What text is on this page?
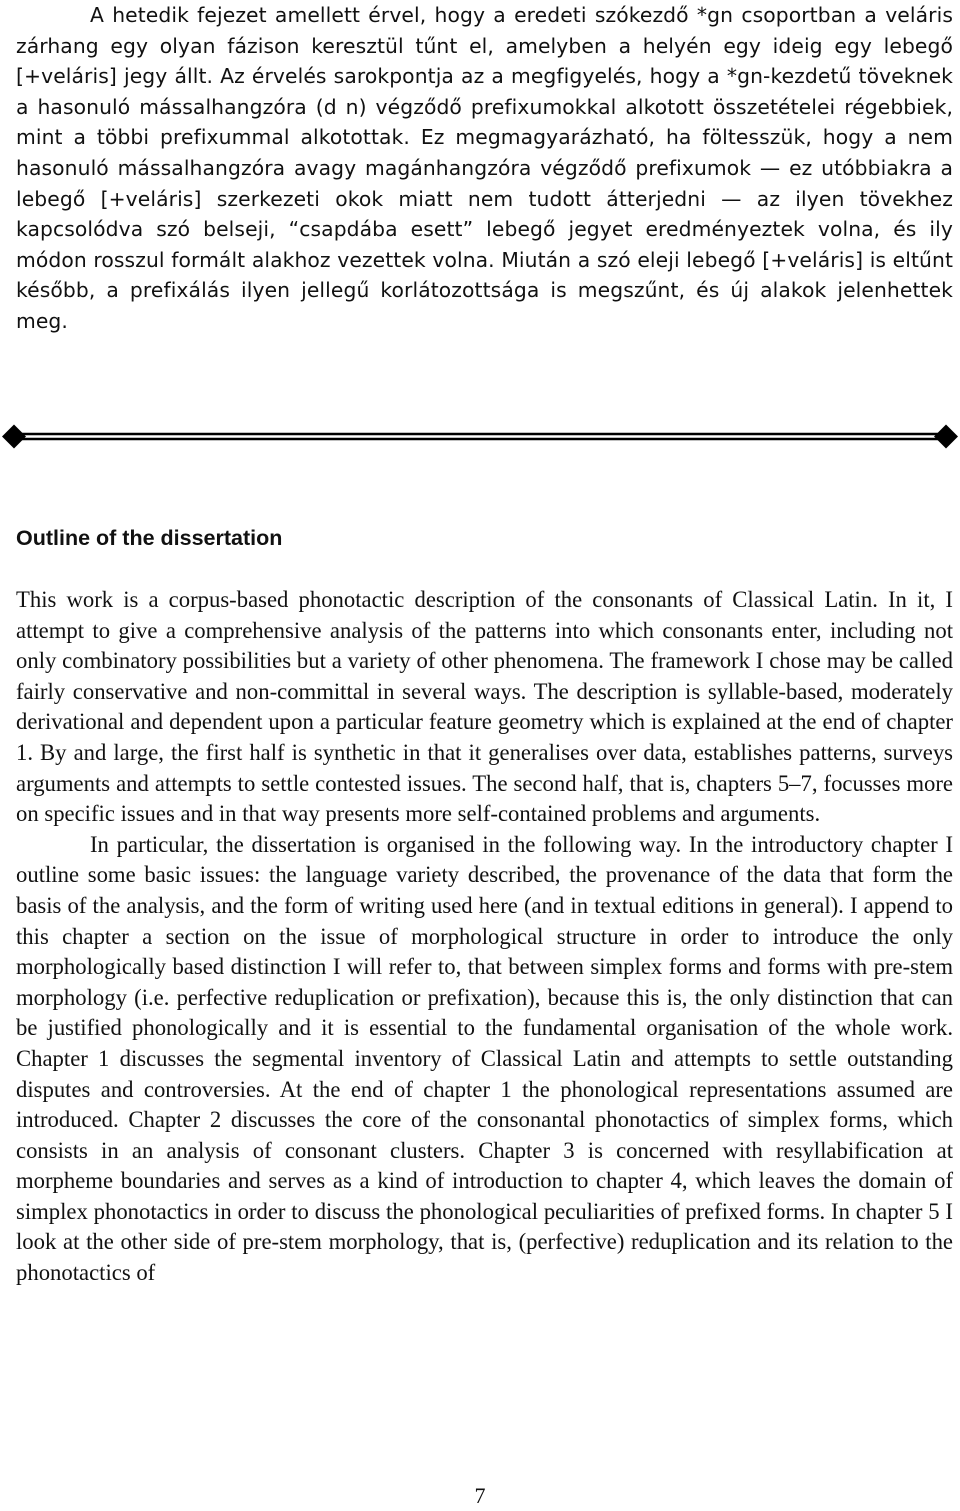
A hetedik fejezet amellett érvel, hogy a eredeti szókezdő *gn csoportban a veláris zárhang egy olyan fázison keresztül tűnt el, amelyben a helyén egy ideig egy lebegő [+veláris] jegy állt. Az érvelés sarokpontja az a megfigyelés, hogy a *gn-kezdetű töveknek a hasonuló mássalhangzóra (d n) végződő prefixumokkal alkotott összetételei régebbiek, mint a többi prefixummal alkotottak. Ez megmagyarázható, ha föltesszük, hogy a nem hasonuló mássalhangzóra avagy magánhangzóra végződő prefixumok — ez utóbbiakra a lebegő [+veláris] szerkezeti okok miatt nem tudott átterjedni — az ilyen tövekhez kapcsolódva szó belseji, “csapdába esett” lebegő jegyet eredményeztek volna, és ily módon rosszul formált alakhoz vezettek volna. Miután a szó eleji lebegő [+veláris] is eltűnt később, a prefixálás ilyen jellegű korlátozottsága is megszűnt, és új alakok jelenhettek meg.

Outline of the dissertation

This work is a corpus-based phonotactic description of the consonants of Classical Latin. In it, I attempt to give a comprehensive analysis of the patterns into which consonants enter, including not only combinatory possibilities but a variety of other phenomena. The framework I chose may be called fairly conservative and non-committal in several ways. The description is syllable-based, moderately derivational and dependent upon a particular feature geometry which is explained at the end of chapter 1. By and large, the first half is synthetic in that it generalises over data, establishes patterns, surveys arguments and attempts to settle contested issues. The second half, that is, chapters 5–7, focusses more on specific issues and in that way presents more self-contained problems and arguments.

In particular, the dissertation is organised in the following way. In the introductory chapter I outline some basic issues: the language variety described, the provenance of the data that form the basis of the analysis, and the form of writing used here (and in textual editions in general). I append to this chapter a section on the issue of morphological structure in order to introduce the only morphologically based distinction I will refer to, that between simplex forms and forms with pre-stem morphology (i.e. perfective reduplication or prefixation), because this is, the only distinction that can be justified phonologically and it is essential to the fundamental organisation of the whole work. Chapter 1 discusses the segmental inventory of Classical Latin and attempts to settle outstanding disputes and controversies. At the end of chapter 1 the phonological representations assumed are introduced. Chapter 2 discusses the core of the consonantal phonotactics of simplex forms, which consists in an analysis of consonant clusters. Chapter 3 is concerned with resyllabification at morpheme boundaries and serves as a kind of introduction to chapter 4, which leaves the domain of simplex phonotactics in order to discuss the phonological peculiarities of prefixed forms. In chapter 5 I look at the other side of pre-stem morphology, that is, (perfective) reduplication and its relation to the phonotactics of

7
